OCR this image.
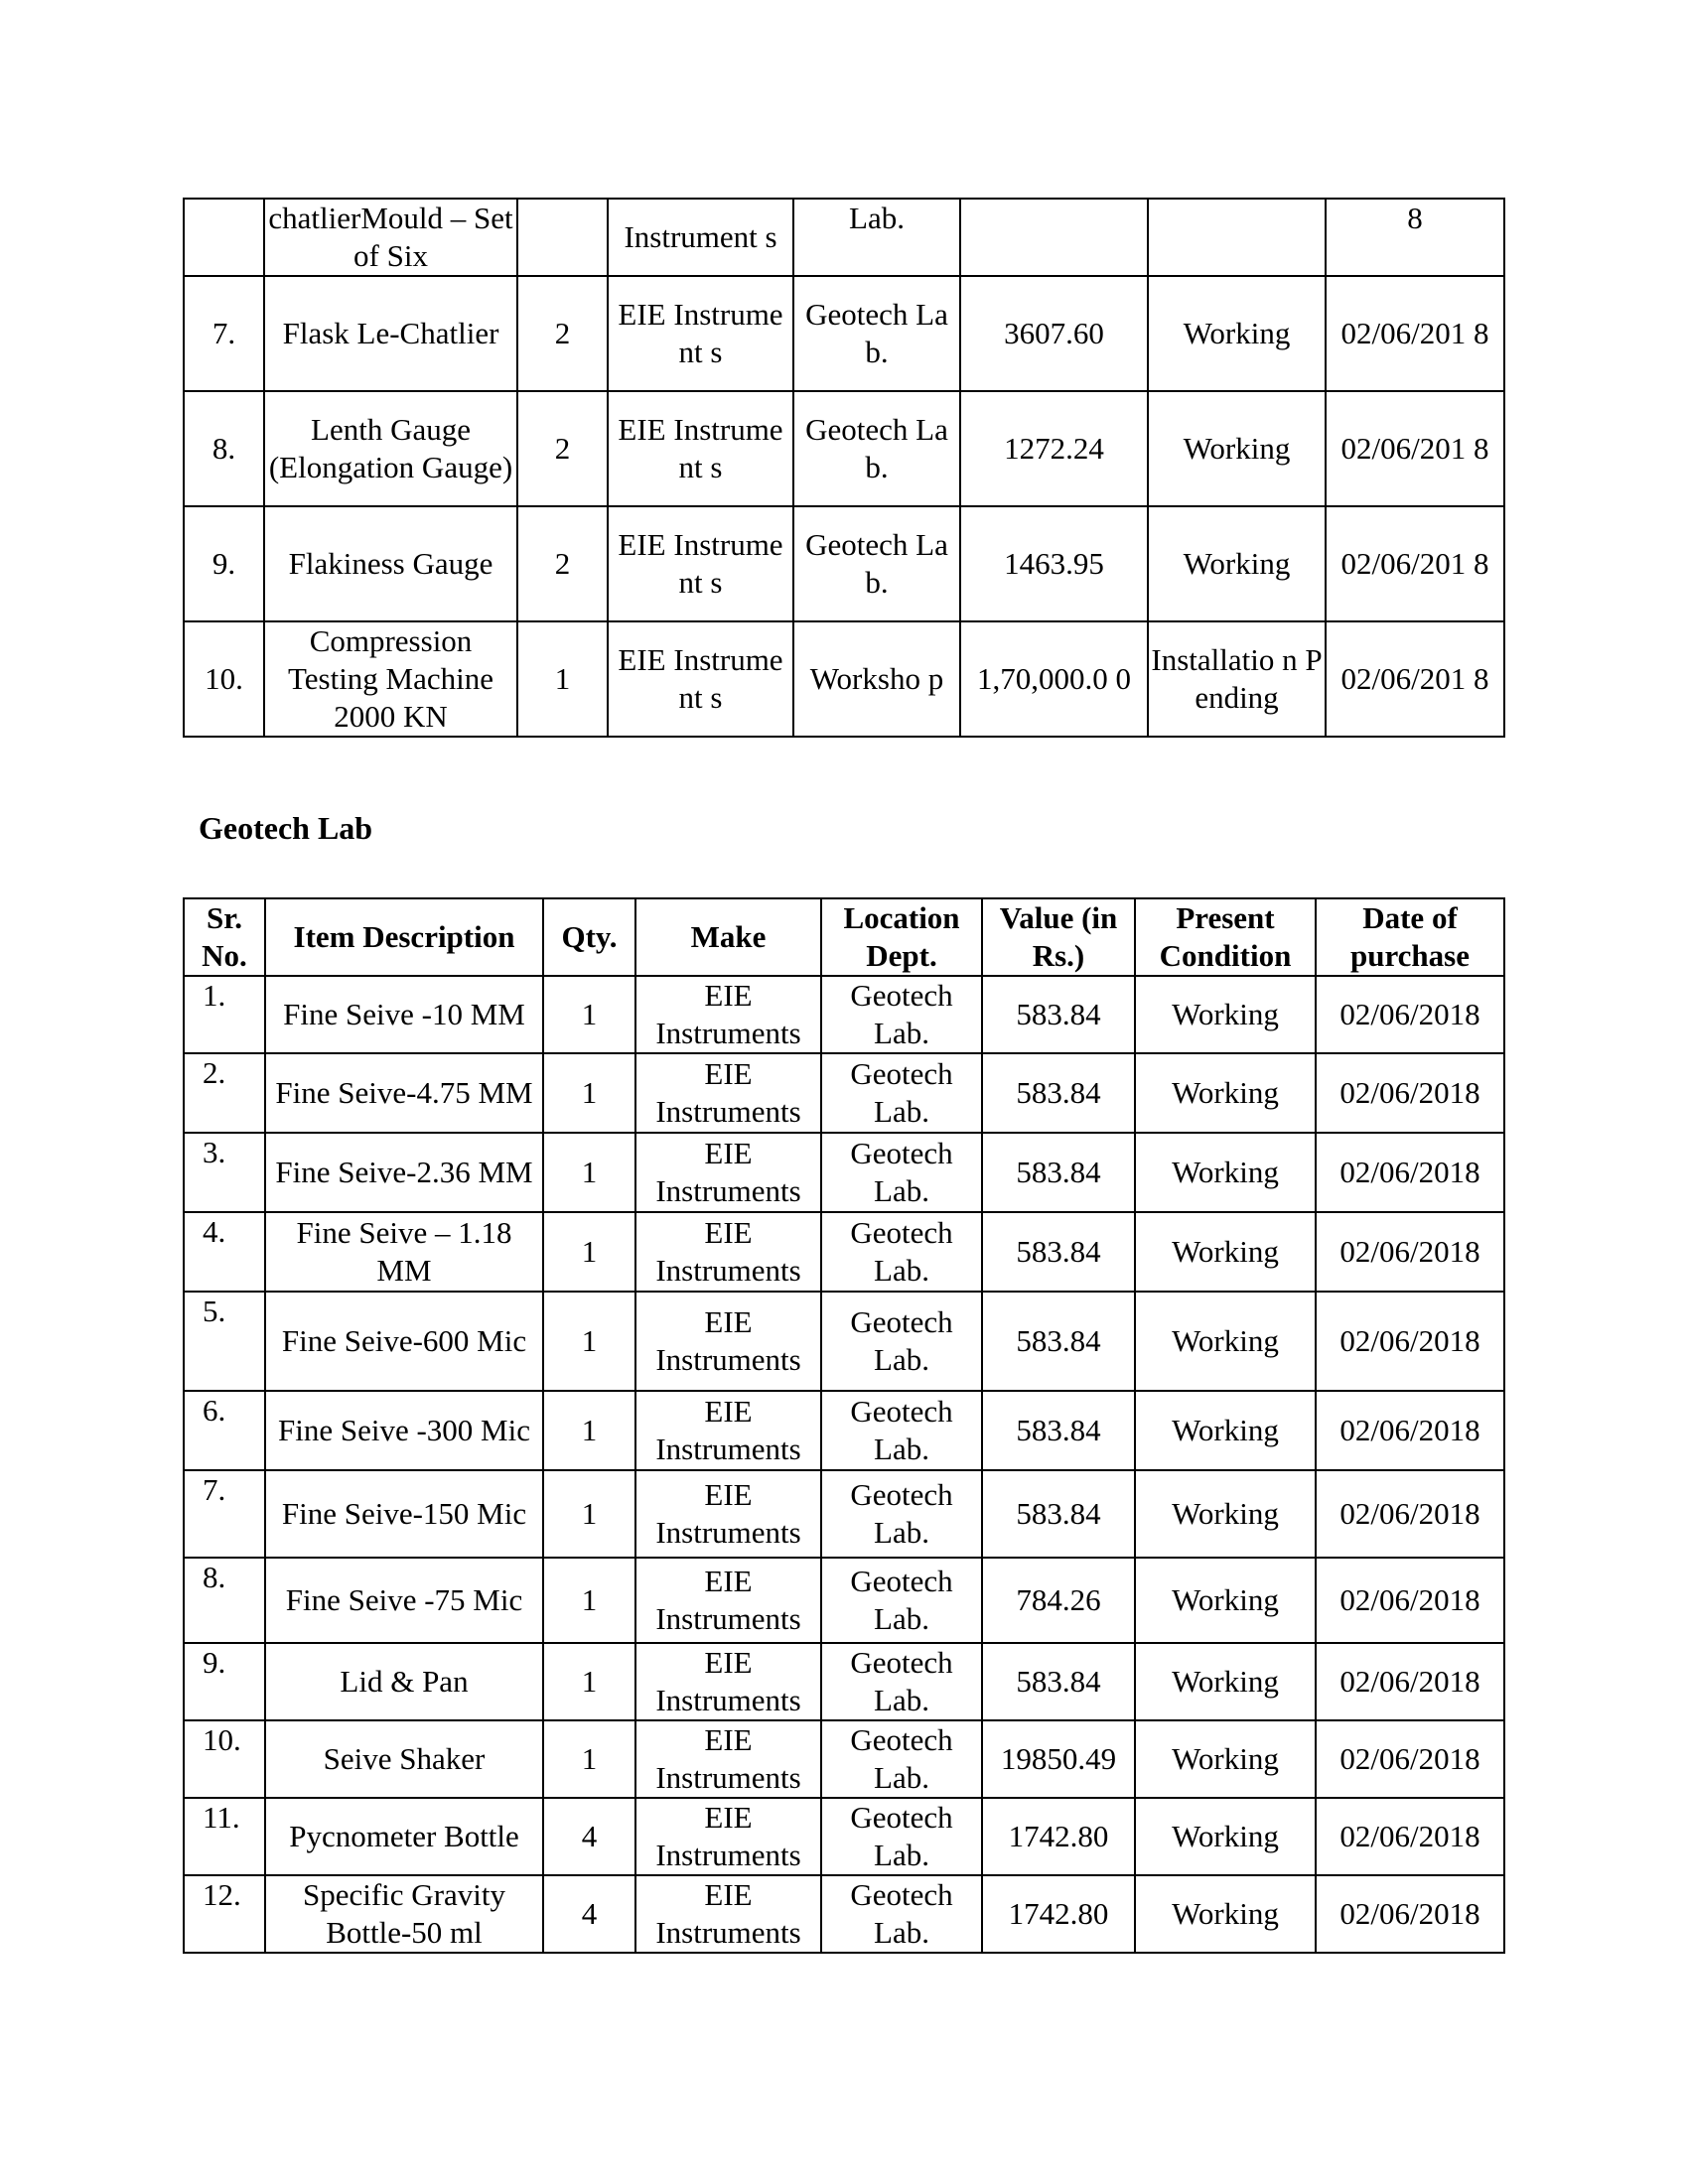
	chatlierMould – Set of Six		Instrument s	Lab.			8
7.	Flask Le-Chatlier	2	EIE Instrument s	Geotech Lab.	3607.60	Working	02/06/201 8
8.	Lenth Gauge (Elongation Gauge)	2	EIE Instrument s	Geotech Lab.	1272.24	Working	02/06/201 8
9.	Flakiness Gauge	2	EIE Instrument s	Geotech Lab.	1463.95	Working	02/06/201 8
10.	Compression Testing Machine 2000 KN	1	EIE Instrument s	Worksho p	1,70,000.0 0	Installatio n Pending	02/06/201 8
Geotech Lab
Sr. No.	Item Description	Qty.	Make	Location Dept.	Value (in Rs.)	Present Condition	Date of purchase
1.	Fine Seive -10 MM	1	EIE Instruments	Geotech Lab.	583.84	Working	02/06/2018
2.	Fine Seive-4.75 MM	1	EIE Instruments	Geotech Lab.	583.84	Working	02/06/2018
3.	Fine Seive-2.36 MM	1	EIE Instruments	Geotech Lab.	583.84	Working	02/06/2018
4.	Fine Seive – 1.18 MM	1	EIE Instruments	Geotech Lab.	583.84	Working	02/06/2018
5.	Fine Seive-600 Mic	1	EIE Instruments	Geotech Lab.	583.84	Working	02/06/2018
6.	Fine Seive -300 Mic	1	EIE Instruments	Geotech Lab.	583.84	Working	02/06/2018
7.	Fine Seive-150 Mic	1	EIE Instruments	Geotech Lab.	583.84	Working	02/06/2018
8.	Fine Seive -75 Mic	1	EIE Instruments	Geotech Lab.	784.26	Working	02/06/2018
9.	Lid & Pan	1	EIE Instruments	Geotech Lab.	583.84	Working	02/06/2018
10.	Seive Shaker	1	EIE Instruments	Geotech Lab.	19850.49	Working	02/06/2018
11.	Pycnometer Bottle	4	EIE Instruments	Geotech Lab.	1742.80	Working	02/06/2018
12.	Specific Gravity Bottle-50 ml	4	EIE Instruments	Geotech Lab.	1742.80	Working	02/06/2018
